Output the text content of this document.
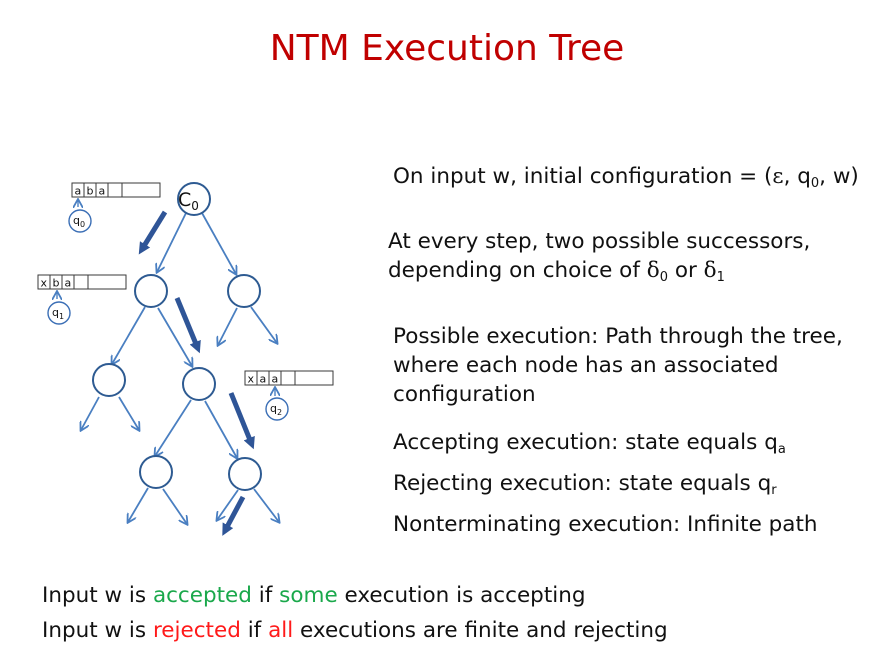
NTM Execution Tree
$C_0$
a b a
$q_0$
x b a
$q_1$
x a a
$q_2$
On input w, initial configuration = (ε, $q_0$, w)
At every step, two possible successors,
depending on choice of $\delta_0$ or $\delta_1$
Possible execution: Path through the tree,
where each node has an associated
configuration
Accepting execution: state equals $q_a$
Rejecting execution: state equals $q_r$
Nonterminating execution: Infinite path
Input w is accepted if some execution is accepting
Input w is rejected if all executions are finite and rejecting
